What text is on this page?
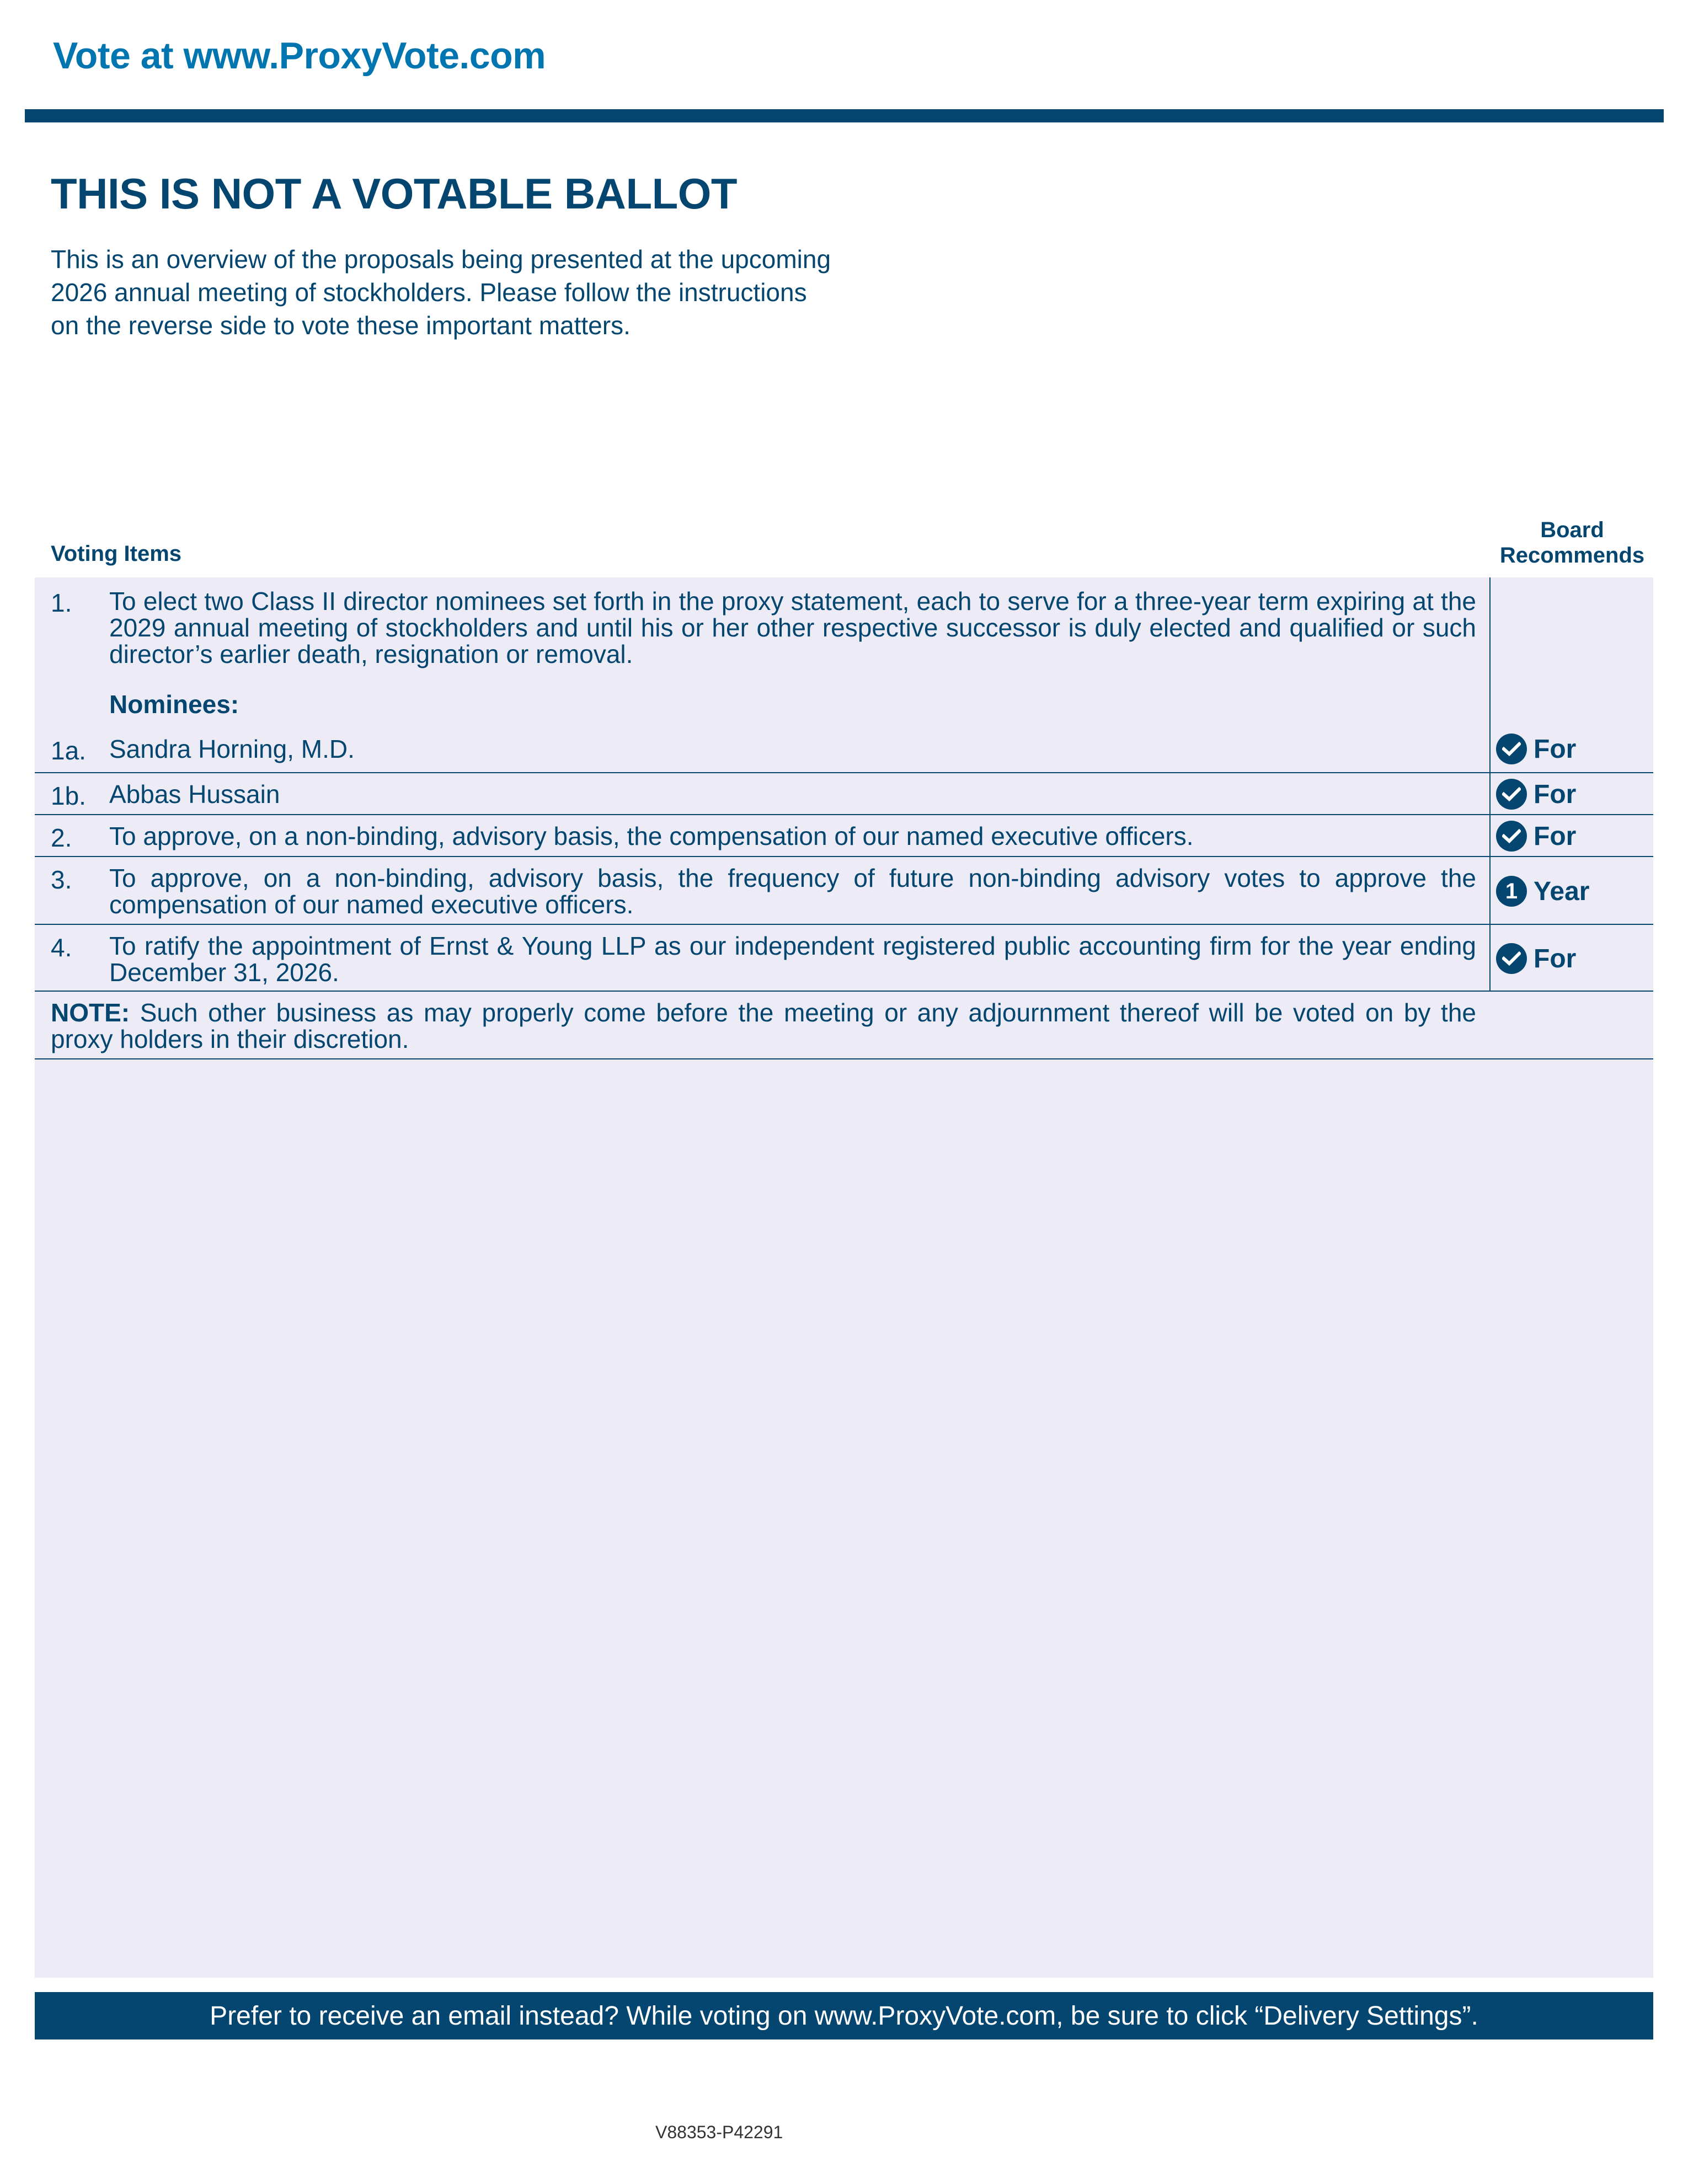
Vote at www.ProxyVote.com
THIS IS NOT A VOTABLE BALLOT
This is an overview of the proposals being presented at the upcoming 2026 annual meeting of stockholders. Please follow the instructions on the reverse side to vote these important matters.
Voting Items
Board Recommends
1. To elect two Class II director nominees set forth in the proxy statement, each to serve for a three-year term expiring at the 2029 annual meeting of stockholders and until his or her other respective successor is duly elected and qualified or such director’s earlier death, resignation or removal.
Nominees:
1a. Sandra Horning, M.D.	For
1b. Abbas Hussain	For
2. To approve, on a non-binding, advisory basis, the compensation of our named executive officers.	For
3. To approve, on a non-binding, advisory basis, the frequency of future non-binding advisory votes to approve the compensation of our named executive officers.	1 Year
4. To ratify the appointment of Ernst & Young LLP as our independent registered public accounting firm for the year ending December 31, 2026.	For
NOTE: Such other business as may properly come before the meeting or any adjournment thereof will be voted on by the proxy holders in their discretion.
Prefer to receive an email instead? While voting on www.ProxyVote.com, be sure to click “Delivery Settings”.
V88353-P42291
